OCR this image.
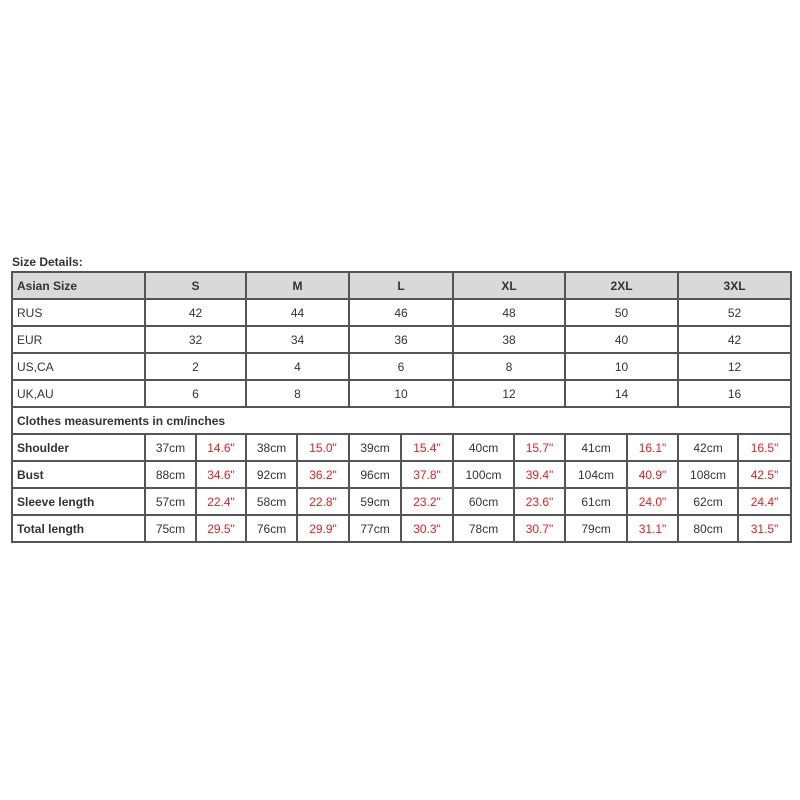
Size Details:
Asian Size	S		M		L		XL		2XL		3XL	
RUS	42		44		46		48		50		52	
EUR	32		34		36		38		40		42	
US,CA	2		4		6		8		10		12	
UK,AU	6		8		10		12		14		16	
Clothes measurements in cm/inches												
Shoulder	37cm	14.6"	38cm	15.0"	39cm	15.4"	40cm	15.7"	41cm	16.1"	42cm	16.5"
Bust	88cm	34.6"	92cm	36.2"	96cm	37.8"	100cm	39.4"	104cm	40.9"	108cm	42.5"
Sleeve length	57cm	22.4"	58cm	22.8"	59cm	23.2"	60cm	23.6"	61cm	24.0"	62cm	24.4"
Total length	75cm	29.5"	76cm	29.9"	77cm	30.3"	78cm	30.7"	79cm	31.1"	80cm	31.5"
